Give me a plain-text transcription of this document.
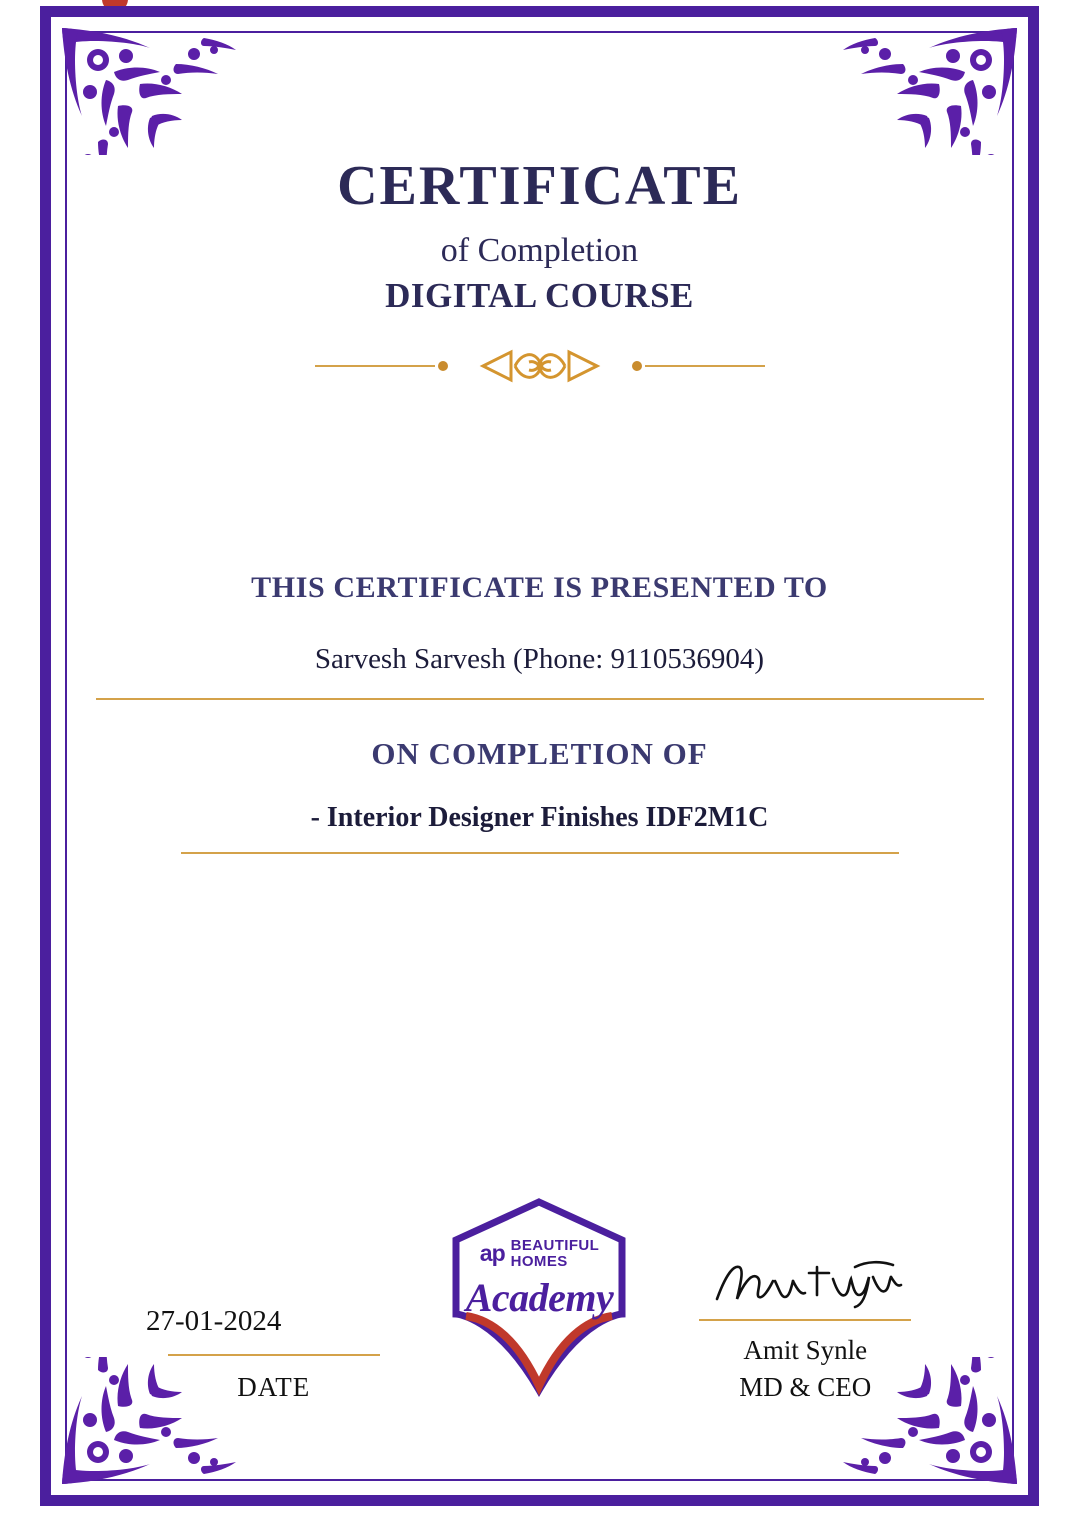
CERTIFICATE
of Completion
DIGITAL COURSE
THIS CERTIFICATE IS PRESENTED TO
Sarvesh Sarvesh (Phone: 9110536904)
ON COMPLETION OF
- Interior Designer Finishes IDF2M1C
27-01-2024
DATE
ap BEAUTIFUL
HOMES
Academy
Amit Synle
MD & CEO
